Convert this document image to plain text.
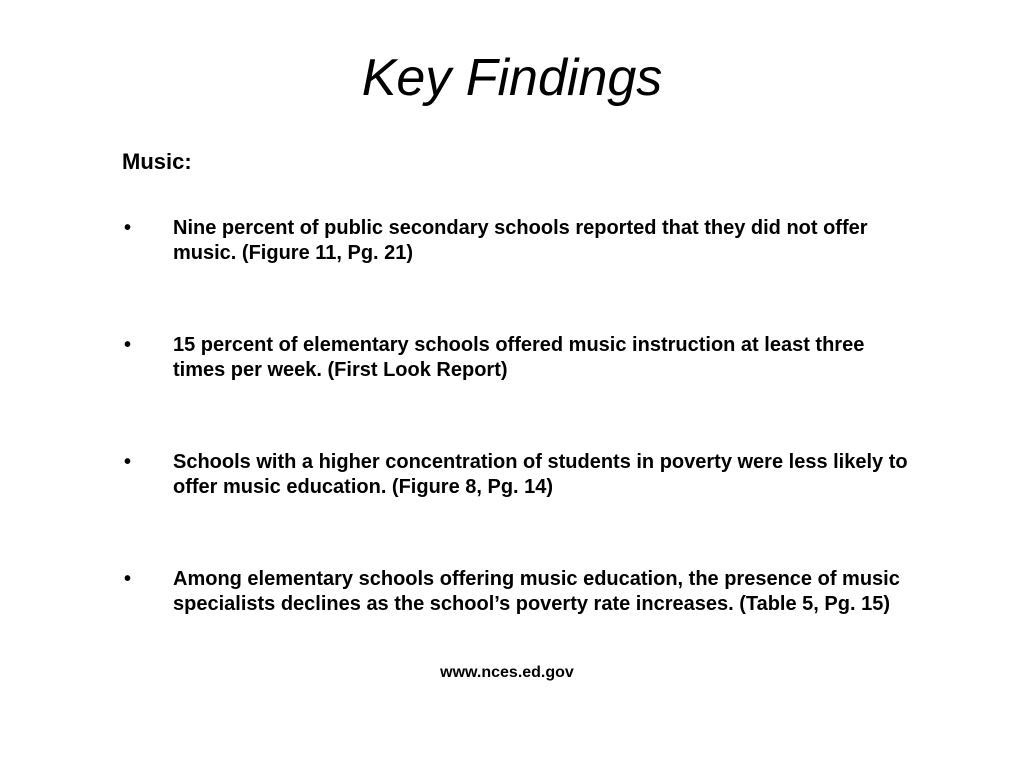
Key Findings
Music:
• Nine percent of public secondary schools reported that they did not offer music. (Figure 11, Pg. 21)
• 15 percent of elementary schools offered music instruction at least three times per week. (First Look Report)
• Schools with a higher concentration of students in poverty were less likely to offer music education. (Figure 8, Pg. 14)
• Among elementary schools offering music education, the presence of music specialists declines as the school’s poverty rate increases. (Table 5, Pg. 15)
www.nces.ed.gov
